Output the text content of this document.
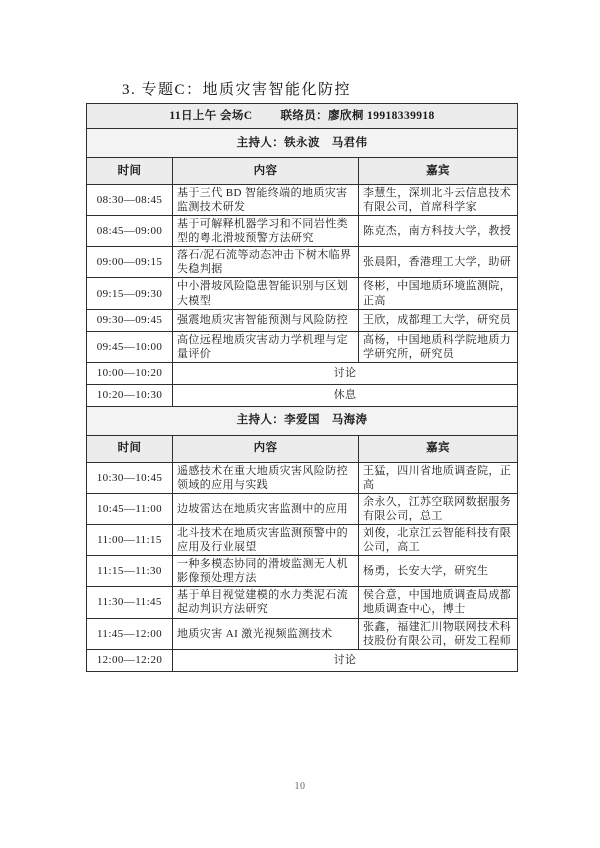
3. 专题C：地质灾害智能化防控
11日上午 会场C 联络员：廖欣桐 19918339918		

主持人：铁永波　马君伟		
时间	内容	嘉宾
08:30—08:45	基于三代 BD 智能终端的地质灾害监测技术研发	李慧生，深圳北斗云信息技术有限公司，首席科学家
08:45—09:00	基于可解释机器学习和不同岩性类型的粤北滑坡预警方法研究	陈克杰，南方科技大学，教授
09:00—09:15	落石/泥石流等动态冲击下树木临界失稳判据	张晨阳，香港理工大学，助研
09:15—09:30	中小滑坡风险隐患智能识别与区划大模型	佟彬，中国地质环境监测院，正高
09:30—09:45	强震地质灾害智能预测与风险防控	王欣，成都理工大学，研究员
09:45—10:00	高位远程地质灾害动力学机理与定量评价	高杨，中国地质科学院地质力学研究所，研究员
10:00—10:20	讨论	
10:20—10:30	休息	
主持人：李爱国　马海涛		
时间	内容	嘉宾
10:30—10:45	遥感技术在重大地质灾害风险防控领域的应用与实践	王猛，四川省地质调查院，正高
10:45—11:00	边坡雷达在地质灾害监测中的应用	余永久，江苏空联网数据服务有限公司，总工
11:00—11:15	北斗技术在地质灾害监测预警中的应用及行业展望	刘俊，北京江云智能科技有限公司，高工
11:15—11:30	一种多模态协同的滑坡监测无人机影像预处理方法	杨勇，长安大学，研究生
11:30—11:45	基于单目视觉建模的水力类泥石流起动判识方法研究	侯合意，中国地质调查局成都地质调查中心，博士
11:45—12:00	地质灾害 AI 激光视频监测技术	张鑫，福建汇川物联网技术科技股份有限公司，研发工程师
12:00—12:20	讨论	
10
